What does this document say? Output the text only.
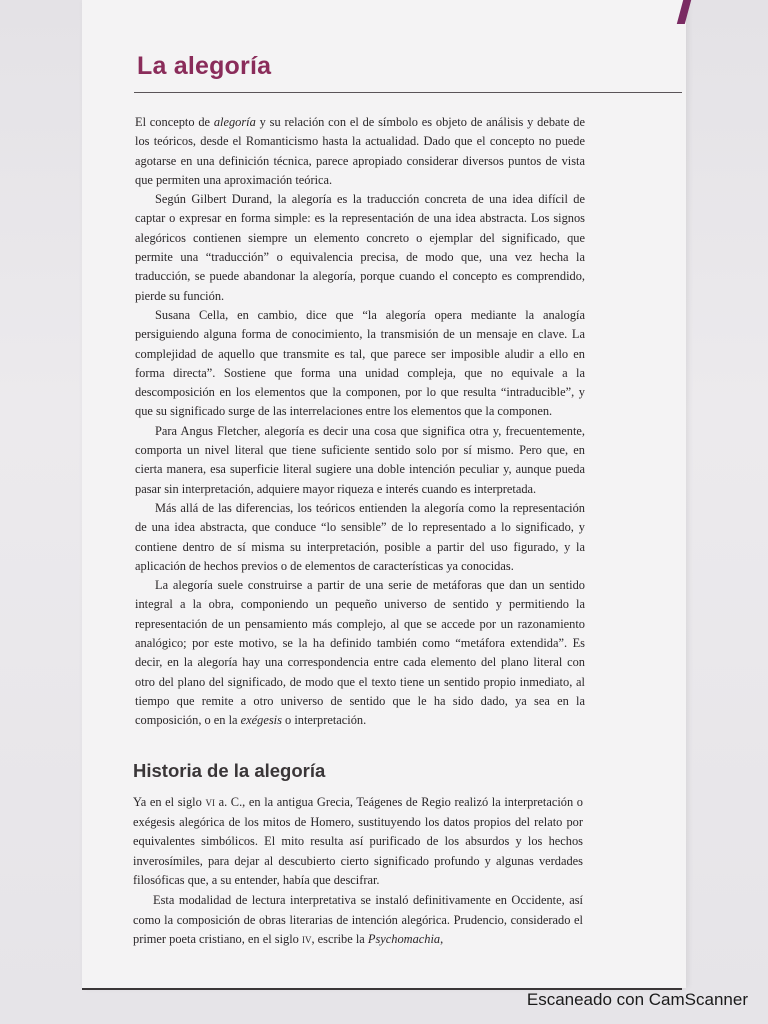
La alegoría

El concepto de alegoría y su relación con el de símbolo es objeto de análisis y debate de los teóricos, desde el Romanticismo hasta la actualidad. Dado que el concepto no puede agotarse en una definición técnica, parece apropiado considerar diversos puntos de vista que permiten una aproximación teórica.

Según Gilbert Durand, la alegoría es la traducción concreta de una idea difícil de captar o expresar en forma simple: es la representación de una idea abstracta. Los signos alegóricos contienen siempre un elemento concreto o ejemplar del significado, que permite una “traducción” o equivalencia precisa, de modo que, una vez hecha la traducción, se puede abandonar la alegoría, porque cuando el concepto es comprendido, pierde su función.

Susana Cella, en cambio, dice que “la alegoría opera mediante la analogía persiguiendo alguna forma de conocimiento, la transmisión de un mensaje en clave. La complejidad de aquello que transmite es tal, que parece ser imposible aludir a ello en forma directa”. Sostiene que forma una unidad compleja, que no equivale a la descomposición en los elementos que la componen, por lo que resulta “intraducible”, y que su significado surge de las interrelaciones entre los elementos que la componen.

Para Angus Fletcher, alegoría es decir una cosa que significa otra y, frecuentemente, comporta un nivel literal que tiene suficiente sentido solo por sí mismo. Pero que, en cierta manera, esa superficie literal sugiere una doble intención peculiar y, aunque pueda pasar sin interpretación, adquiere mayor riqueza e interés cuando es interpretada.

Más allá de las diferencias, los teóricos entienden la alegoría como la representación de una idea abstracta, que conduce “lo sensible” de lo representado a lo significado, y contiene dentro de sí misma su interpretación, posible a partir del uso figurado, y la aplicación de hechos previos o de elementos de características ya conocidas.

La alegoría suele construirse a partir de una serie de metáforas que dan un sentido integral a la obra, componiendo un pequeño universo de sentido y permitiendo la representación de un pensamiento más complejo, al que se accede por un razonamiento analógico; por este motivo, se la ha definido también como “metáfora extendida”. Es decir, en la alegoría hay una correspondencia entre cada elemento del plano literal con otro del plano del significado, de modo que el texto tiene un sentido propio inmediato, al tiempo que remite a otro universo de sentido que le ha sido dado, ya sea en la composición, o en la exégesis o interpretación.

Historia de la alegoría

Ya en el siglo vi a. C., en la antigua Grecia, Teágenes de Regio realizó la interpretación o exégesis alegórica de los mitos de Homero, sustituyendo los datos propios del relato por equivalentes simbólicos. El mito resulta así purificado de los absurdos y los hechos inverosímiles, para dejar al descubierto cierto significado profundo y algunas verdades filosóficas que, a su entender, había que descifrar.

Esta modalidad de lectura interpretativa se instaló definitivamente en Occidente, así como la composición de obras literarias de intención alegórica. Prudencio, considerado el primer poeta cristiano, en el siglo iv, escribe la Psychomachia,

Escaneado con CamScanner
